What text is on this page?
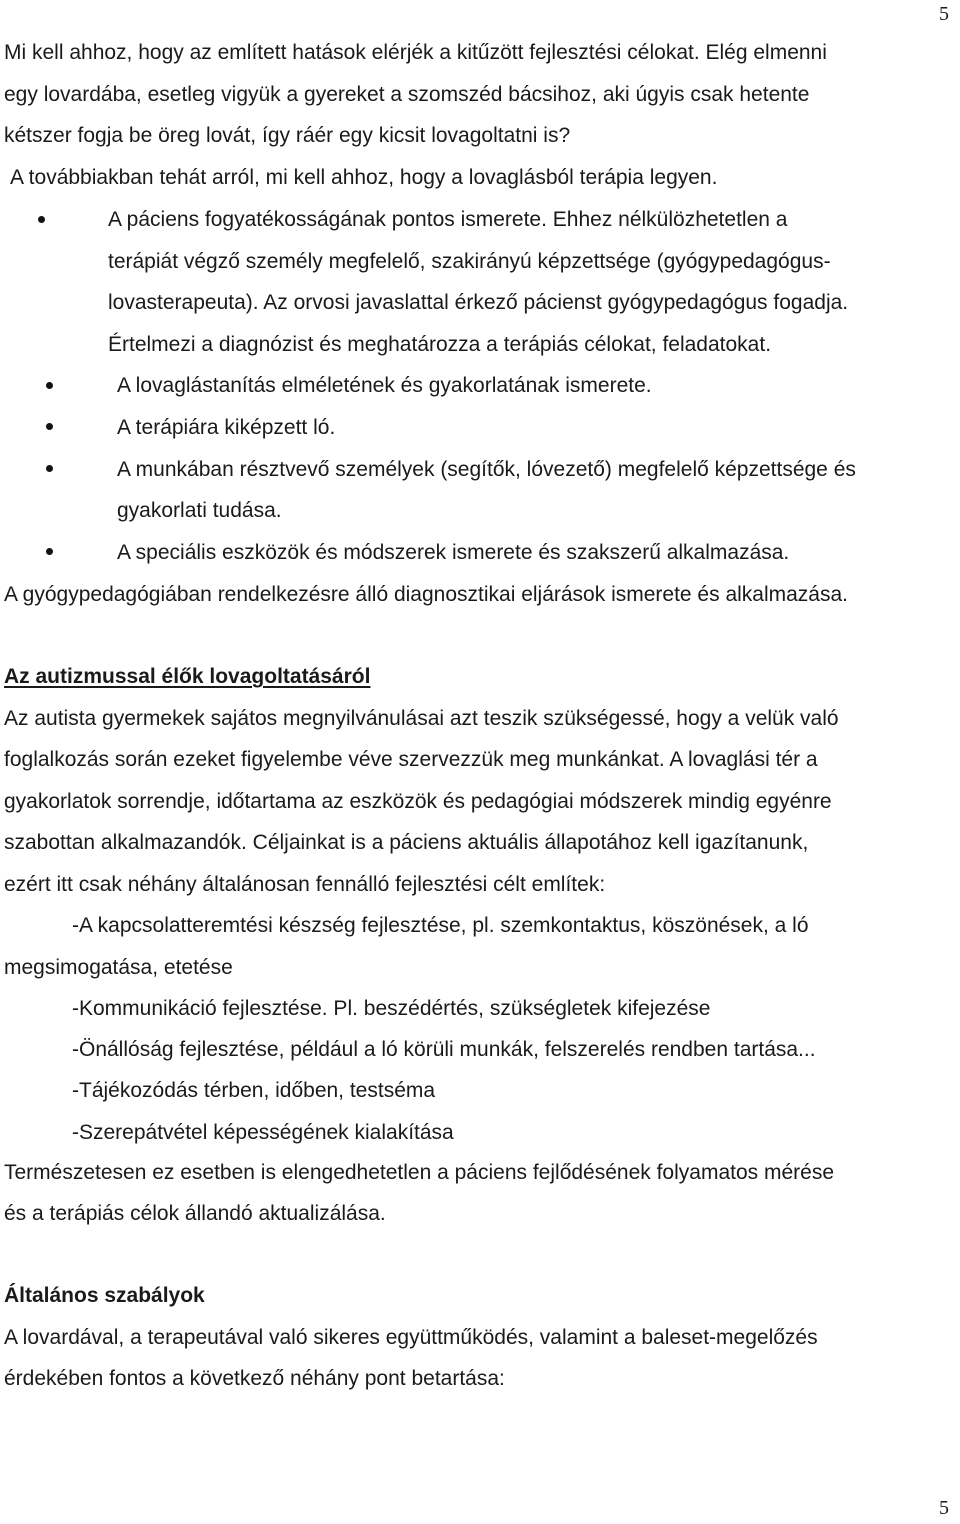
5
5
Mi kell ahhoz, hogy az említett hatások elérjék a kitűzött fejlesztési célokat. Elég elmenni
egy lovardába, esetleg vigyük a gyereket a szomszéd bácsihoz, aki úgyis csak hetente
kétszer fogja be öreg lovát, így ráér egy kicsit lovagoltatni is?
A továbbiakban tehát arról, mi kell ahhoz, hogy a lovaglásból terápia legyen.
A páciens fogyatékosságának pontos ismerete. Ehhez nélkülözhetetlen a
terápiát végző személy megfelelő, szakirányú képzettsége (gyógypedagógus-
lovasterapeuta). Az orvosi javaslattal érkező pácienst gyógypedagógus fogadja.
Értelmezi a diagnózist és meghatározza a terápiás célokat, feladatokat.
A lovaglástanítás elméletének és gyakorlatának ismerete.
A terápiára kiképzett ló.
A munkában résztvevő személyek (segítők, lóvezető) megfelelő képzettsége és
gyakorlati tudása.
A speciális eszközök és módszerek ismerete és szakszerű alkalmazása.
A gyógypedagógiában rendelkezésre álló diagnosztikai eljárások ismerete és alkalmazása.
Az autizmussal élők lovagoltatásáról
Az autista gyermekek sajátos megnyilvánulásai azt teszik szükségessé, hogy a velük való
foglalkozás során ezeket figyelembe véve szervezzük meg munkánkat. A lovaglási tér a
gyakorlatok sorrendje, időtartama az eszközök és pedagógiai módszerek mindig egyénre
szabottan alkalmazandók. Céljainkat is a páciens aktuális állapotához kell igazítanunk,
ezért itt csak néhány általánosan fennálló fejlesztési célt említek:
-A kapcsolatteremtési készség fejlesztése, pl. szemkontaktus, köszönések, a ló
megsimogatása, etetése
-Kommunikáció fejlesztése. Pl. beszédértés, szükségletek kifejezése
-Önállóság fejlesztése, például a ló körüli munkák, felszerelés rendben tartása...
-Tájékozódás térben, időben, testséma
-Szerepátvétel képességének kialakítása
Természetesen ez esetben is elengedhetetlen a páciens fejlődésének folyamatos mérése
és a terápiás célok állandó aktualizálása.
Általános szabályok
A lovardával, a terapeutával való sikeres együttműködés, valamint a baleset-megelőzés
érdekében fontos a következő néhány pont betartása:
